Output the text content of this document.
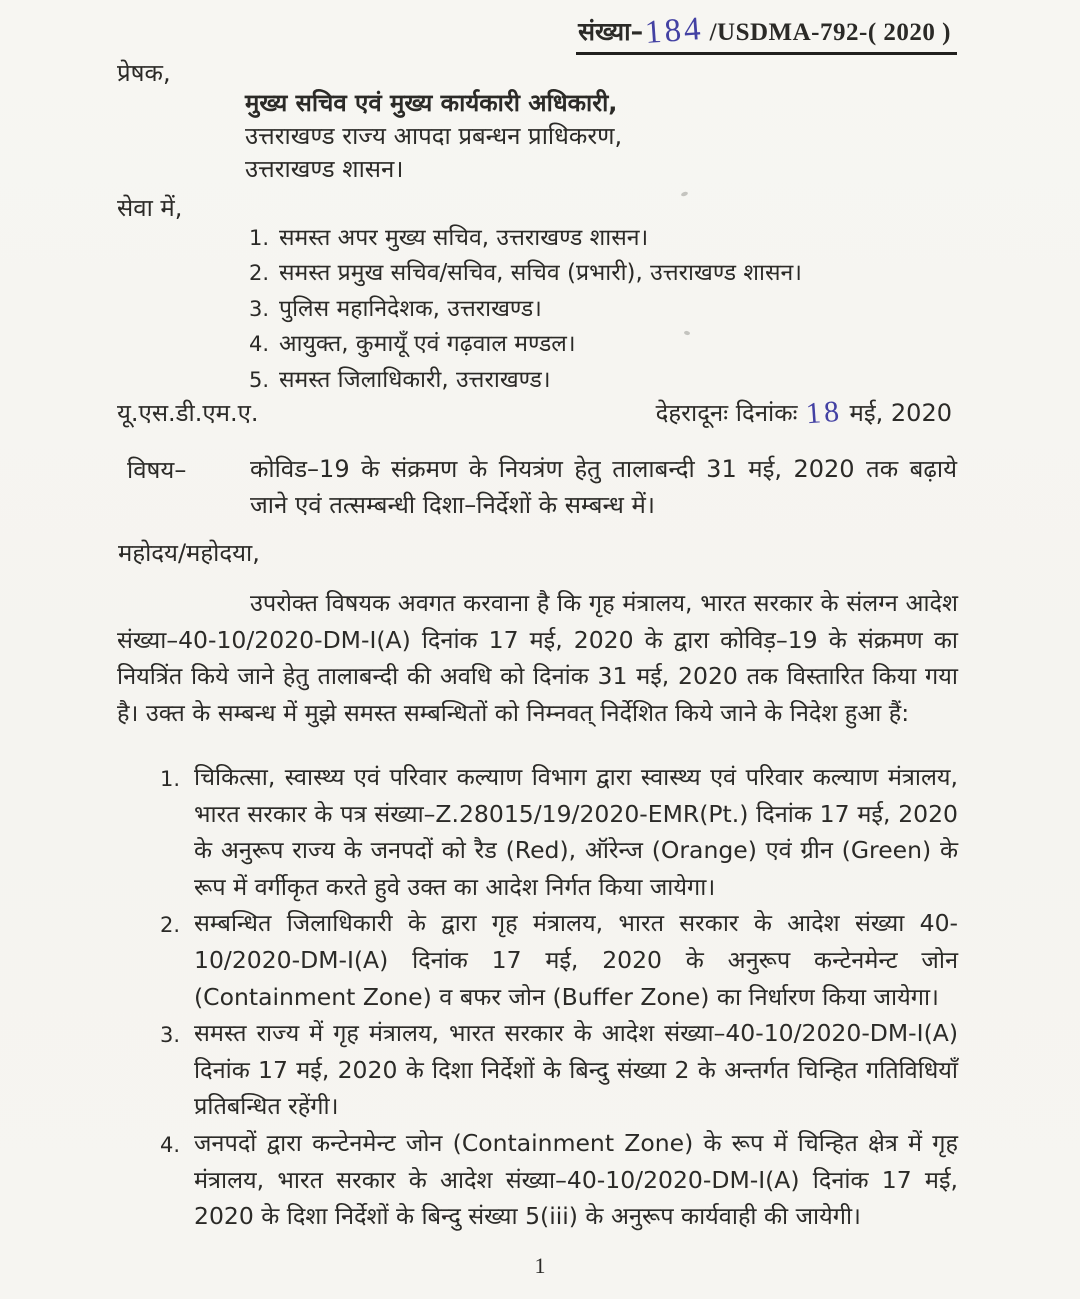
संख्या–184 /USDMA-792-( 2020 )
प्रेषक,
मुख्य सचिव एवं मुख्य कार्यकारी अधिकारी,
उत्तराखण्ड राज्य आपदा प्रबन्धन प्राधिकरण,
उत्तराखण्ड शासन।
सेवा में,
1. समस्त अपर मुख्य सचिव, उत्तराखण्ड शासन।
2. समस्त प्रमुख सचिव/सचिव, सचिव (प्रभारी), उत्तराखण्ड शासन।
3. पुलिस महानिदेशक, उत्तराखण्ड।
4. आयुक्त, कुमायूँ एवं गढ़वाल मण्डल।
5. समस्त जिलाधिकारी, उत्तराखण्ड।
यू.एस.डी.एम.ए.	देहरादूनः दिनांकः 18 मई, 2020
विषय–	कोविड–19 के संक्रमण के नियत्रंण हेतु तालाबन्दी 31 मई, 2020 तक बढ़ाये
जाने एवं तत्सम्बन्धी दिशा–निर्देशों के सम्बन्ध में।
महोदय/महोदया,
उपरोक्त विषयक अवगत करवाना है कि गृह मंत्रालय, भारत सरकार के संलग्न आदेश संख्या–40-10/2020-DM-I(A) दिनांक 17 मई, 2020 के द्वारा कोविड़–19 के संक्रमण का नियत्रिंत किये जाने हेतु तालाबन्दी की अवधि को दिनांक 31 मई, 2020 तक विस्तारित किया गया है। उक्त के सम्बन्ध में मुझे समस्त सम्बन्धितों को निम्नवत् निर्देशित किये जाने के निदेश हुआ हैं:
1. चिकित्सा, स्वास्थ्य एवं परिवार कल्याण विभाग द्वारा स्वास्थ्य एवं परिवार कल्याण मंत्रालय, भारत सरकार के पत्र संख्या–Z.28015/19/2020-EMR(Pt.) दिनांक 17 मई, 2020 के अनुरूप राज्य के जनपदों को रैड (Red), ऑरेन्ज (Orange) एवं ग्रीन (Green) के रूप में वर्गीकृत करते हुवे उक्त का आदेश निर्गत किया जायेगा।
2. सम्बन्धित जिलाधिकारी के द्वारा गृह मंत्रालय, भारत सरकार के आदेश संख्या 40-10/2020-DM-I(A) दिनांक 17 मई, 2020 के अनुरूप कन्टेनमेन्ट जोन (Containment Zone) व बफर जोन (Buffer Zone) का निर्धारण किया जायेगा।
3. समस्त राज्य में गृह मंत्रालय, भारत सरकार के आदेश संख्या–40-10/2020-DM-I(A) दिनांक 17 मई, 2020 के दिशा निर्देशों के बिन्दु संख्या 2 के अन्तर्गत चिन्हित गतिविधियाँ प्रतिबन्धित रहेंगी।
4. जनपदों द्वारा कन्टेनमेन्ट जोन (Containment Zone) के रूप में चिन्हित क्षेत्र में गृह मंत्रालय, भारत सरकार के आदेश संख्या–40-10/2020-DM-I(A) दिनांक 17 मई, 2020 के दिशा निर्देशों के बिन्दु संख्या 5(iii) के अनुरूप कार्यवाही की जायेगी।
1
